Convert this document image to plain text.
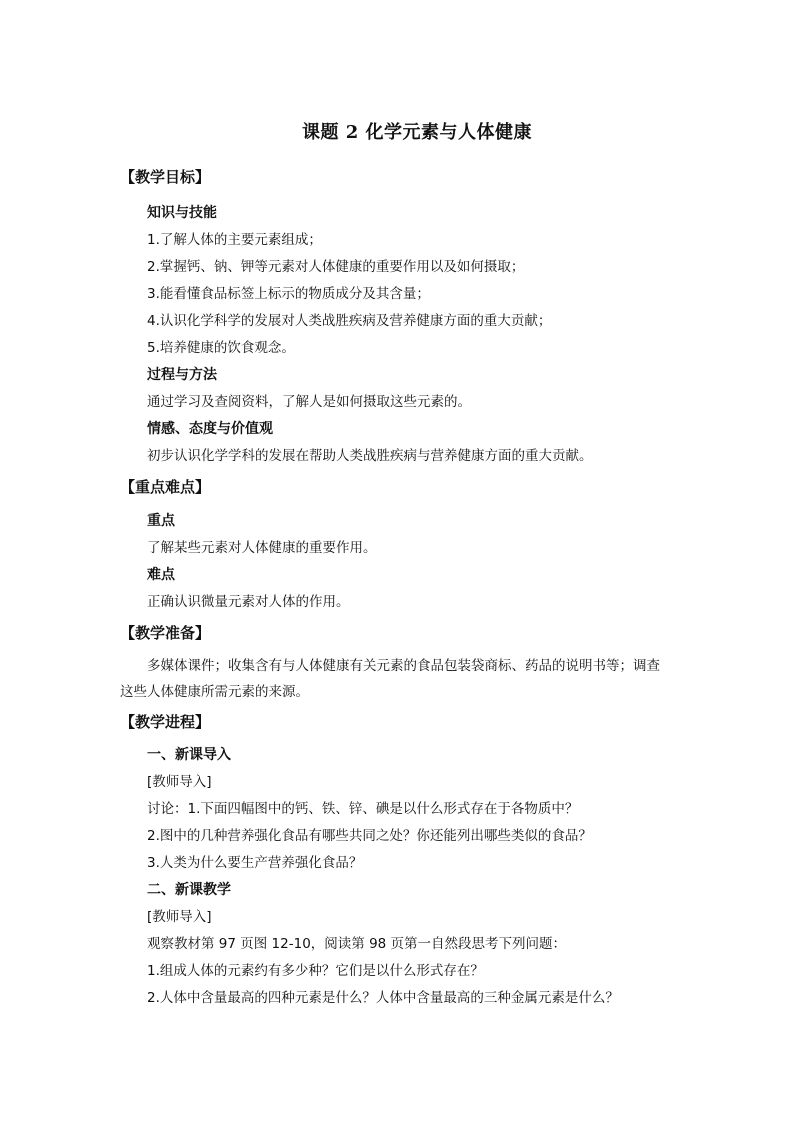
课题 2 化学元素与人体健康
【教学目标】
知识与技能
1.了解人体的主要元素组成；
2.掌握钙、钠、钾等元素对人体健康的重要作用以及如何摄取；
3.能看懂食品标签上标示的物质成分及其含量；
4.认识化学科学的发展对人类战胜疾病及营养健康方面的重大贡献；
5.培养健康的饮食观念。
过程与方法
通过学习及查阅资料，了解人是如何摄取这些元素的。
情感、态度与价值观
初步认识化学学科的发展在帮助人类战胜疾病与营养健康方面的重大贡献。
【重点难点】
重点
了解某些元素对人体健康的重要作用。
难点
正确认识微量元素对人体的作用。
【教学准备】
多媒体课件；收集含有与人体健康有关元素的食品包装袋商标、药品的说明书等；调查
这些人体健康所需元素的来源。
【教学进程】
一、新课导入
[教师导入]
讨论：1.下面四幅图中的钙、铁、锌、碘是以什么形式存在于各物质中？
2.图中的几种营养强化食品有哪些共同之处？你还能列出哪些类似的食品？
3.人类为什么要生产营养强化食品？
二、新课教学
[教师导入]
观察教材第 97 页图 12-10，阅读第 98 页第一自然段思考下列问题：
1.组成人体的元素约有多少种？它们是以什么形式存在？
2.人体中含量最高的四种元素是什么？人体中含量最高的三种金属元素是什么？
